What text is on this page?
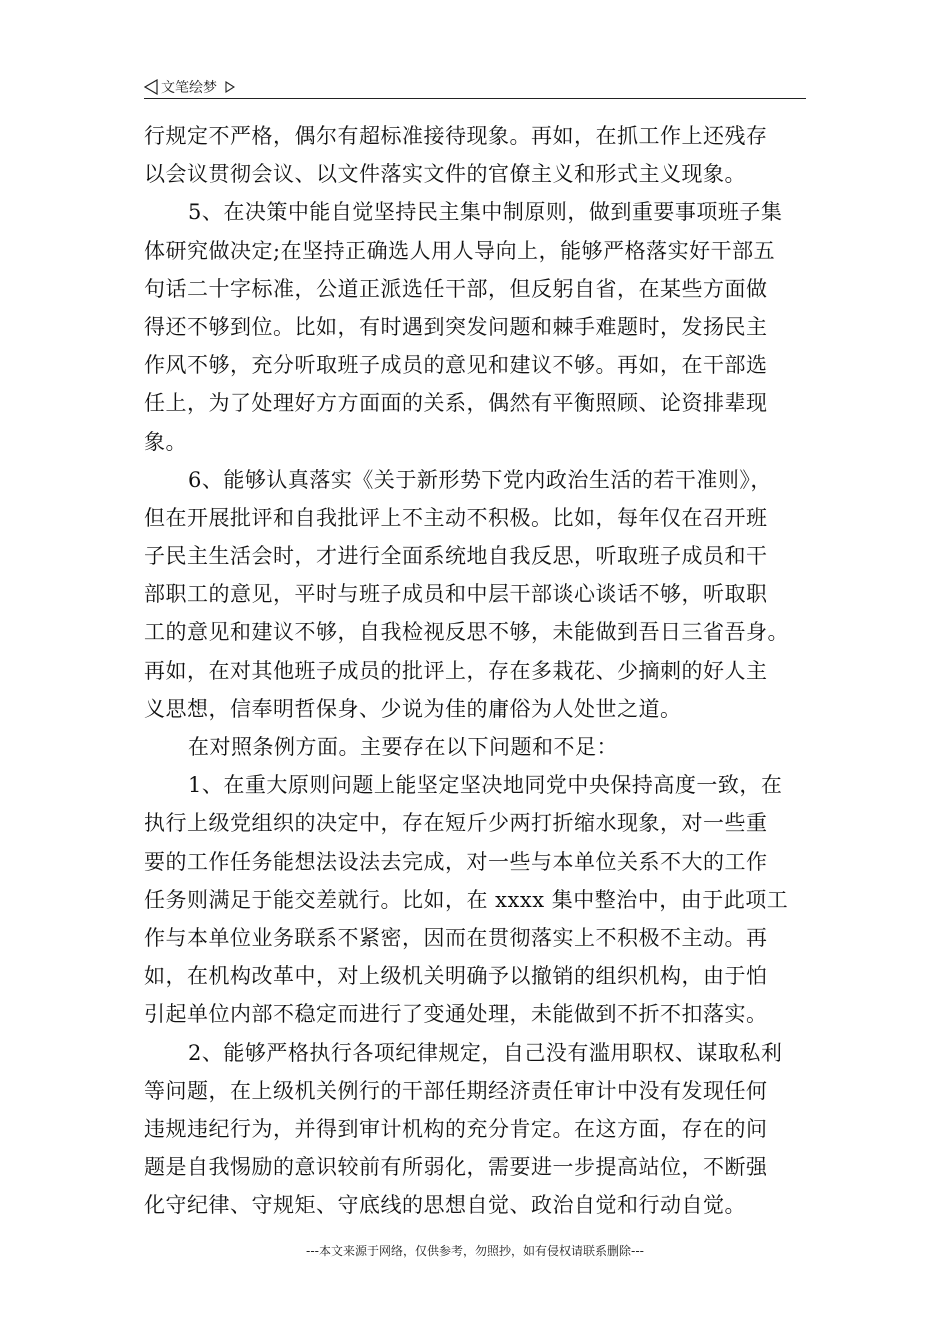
文笔绘梦
行规定不严格，偶尔有超标准接待现象。再如，在抓工作上还残存
以会议贯彻会议、以文件落实文件的官僚主义和形式主义现象。
5、在决策中能自觉坚持民主集中制原则，做到重要事项班子集
体研究做决定;在坚持正确选人用人导向上，能够严格落实好干部五
句话二十字标准，公道正派选任干部，但反躬自省，在某些方面做
得还不够到位。比如，有时遇到突发问题和棘手难题时，发扬民主
作风不够，充分听取班子成员的意见和建议不够。再如，在干部选
任上，为了处理好方方面面的关系，偶然有平衡照顾、论资排辈现
象。
6、能够认真落实《关于新形势下党内政治生活的若干准则》，
但在开展批评和自我批评上不主动不积极。比如，每年仅在召开班
子民主生活会时，才进行全面系统地自我反思，听取班子成员和干
部职工的意见，平时与班子成员和中层干部谈心谈话不够，听取职
工的意见和建议不够，自我检视反思不够，未能做到吾日三省吾身。
再如，在对其他班子成员的批评上，存在多栽花、少摘刺的好人主
义思想，信奉明哲保身、少说为佳的庸俗为人处世之道。
在对照条例方面。主要存在以下问题和不足：
1、在重大原则问题上能坚定坚决地同党中央保持高度一致，在
执行上级党组织的决定中，存在短斤少两打折缩水现象，对一些重
要的工作任务能想法设法去完成，对一些与本单位关系不大的工作
任务则满足于能交差就行。比如，在 xxxx 集中整治中，由于此项工
作与本单位业务联系不紧密，因而在贯彻落实上不积极不主动。再
如，在机构改革中，对上级机关明确予以撤销的组织机构，由于怕
引起单位内部不稳定而进行了变通处理，未能做到不折不扣落实。
2、能够严格执行各项纪律规定，自己没有滥用职权、谋取私利
等问题，在上级机关例行的干部任期经济责任审计中没有发现任何
违规违纪行为，并得到审计机构的充分肯定。在这方面，存在的问
题是自我惕励的意识较前有所弱化，需要进一步提高站位，不断强
化守纪律、守规矩、守底线的思想自觉、政治自觉和行动自觉。
---本文来源于网络，仅供参考，勿照抄，如有侵权请联系删除---
